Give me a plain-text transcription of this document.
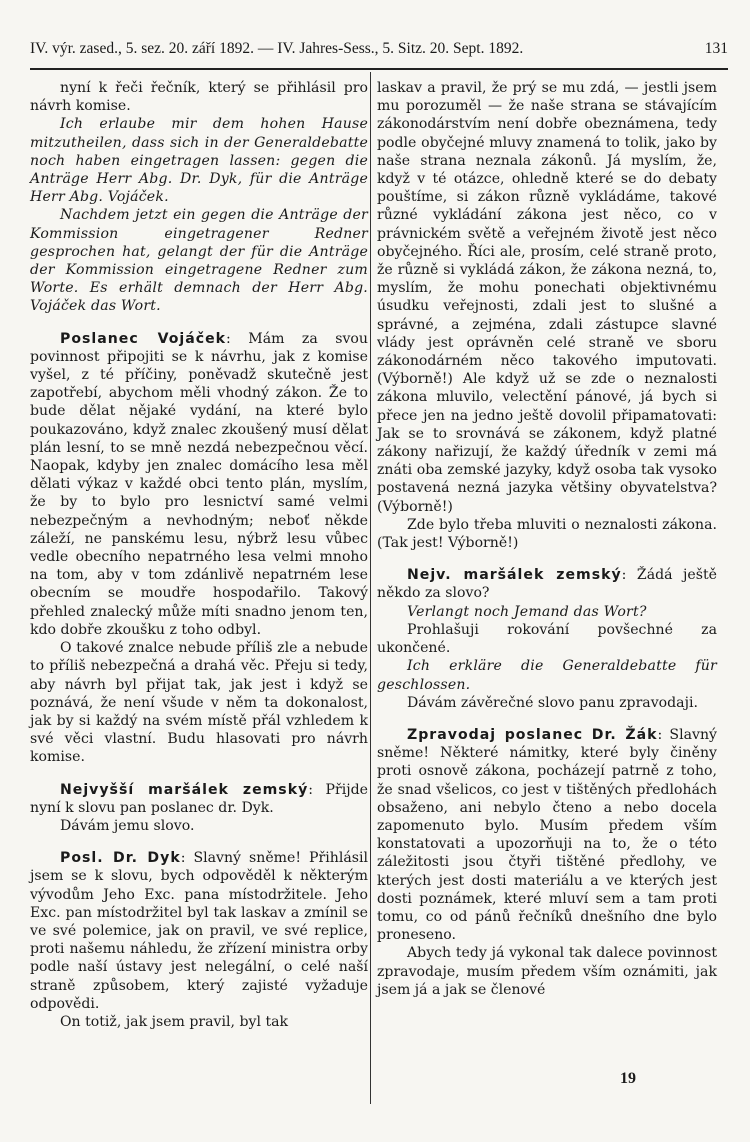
IV. výr. zased., 5. sez. 20. září 1892. — IV. Jahres-Sess., 5. Sitz. 20. Sept. 1892.	131

nyní k řeči řečník, který se přihlásil pro návrh komise.

Ich erlaube mir dem hohen Hause mitzutheilen, dass sich in der Generaldebatte noch haben eingetragen lassen: gegen die Anträge Herr Abg. Dr. Dyk, für die Anträge Herr Abg. Vojáček.

Nachdem jetzt ein gegen die Anträge der Kommission eingetragener Redner gesprochen hat, gelangt der für die Anträge der Kommission eingetragene Redner zum Worte. Es erhält demnach der Herr Abg. Vojáček das Wort.

Poslanec Vojáček: Mám za svou povinnost připojiti se k návrhu, jak z komise vyšel, z té příčiny, poněvadž skutečně jest zapotřebí, abychom měli vhodný zákon. Že to bude dělat nějaké vydání, na které bylo poukazováno, když znalec zkoušený musí dělat plán lesní, to se mně nezdá nebezpečnou věcí. Naopak, kdyby jen znalec domácího lesa měl dělati výkaz v každé obci tento plán, myslím, že by to bylo pro lesnictví samé velmi nebezpečným a nevhodným; neboť někde záleží, ne panskému lesu, nýbrž lesu vůbec vedle obecního nepatrného lesa velmi mnoho na tom, aby v tom zdánlivě nepatrném lese obecním se moudře hospodařilo. Takový přehled znalecký může míti snadno jenom ten, kdo dobře zkoušku z toho odbyl.

O takové znalce nebude příliš zle a nebude to příliš nebezpečná a drahá věc. Přeju si tedy, aby návrh byl přijat tak, jak jest i když se poznává, že není všude v něm ta dokonalost, jak by si každý na svém místě přál vzhledem k své věci vlastní. Budu hlasovati pro návrh komise.

Nejvyšší maršálek zemský: Přijde nyní k slovu pan poslanec dr. Dyk.

Dávám jemu slovo.

Posl. Dr. Dyk: Slavný sněme! Přihlásil jsem se k slovu, bych odpověděl k některým vývodům Jeho Exc. pana místodržitele. Jeho Exc. pan místodržitel byl tak laskav a zmínil se ve své polemice, jak on pravil, ve své replice, proti našemu náhledu, že zřízení ministra orby podle naší ústavy jest nelegální, o celé naší straně způsobem, který zajisté vyžaduje odpovědi.

On totiž, jak jsem pravil, byl tak

laskav a pravil, že prý se mu zdá, — jestli jsem mu porozuměl — že naše strana se stávajícím zákonodárstvím není dobře obeznámena, tedy podle obyčejné mluvy znamená to tolik, jako by naše strana neznala zákonů. Já myslím, že, když v té otázce, ohledně které se do debaty pouštíme, si zákon různě vykládáme, takové různé vykládání zákona jest něco, co v právnickém světě a veřejném životě jest něco obyčejného. Říci ale, prosím, celé straně proto, že různě si vykládá zákon, že zákona nezná, to, myslím, že mohu ponechati objektivnému úsudku veřejnosti, zdali jest to slušné a správné, a zejména, zdali zástupce slavné vlády jest oprávněn celé straně ve sboru zákonodárném něco takového imputovati. (Výborně!) Ale když už se zde o neznalosti zákona mluvilo, velectění pánové, já bych si přece jen na jedno ještě dovolil připamatovati: Jak se to srovnává se zákonem, když platné zákony nařizují, že každý úředník v zemi má znáti oba zemské jazyky, když osoba tak vysoko postavená nezná jazyka většiny obyvatelstva? (Výborně!)

Zde bylo třeba mluviti o neznalosti zákona. (Tak jest! Výborně!)

Nejv. maršálek zemský: Žádá ještě někdo za slovo?

Verlangt noch Jemand das Wort?

Prohlašuji rokování povšechné za ukončené.

Ich erkläre die Generaldebatte für geschlossen.

Dávám závěrečné slovo panu zpravodaji.

Zpravodaj poslanec Dr. Žák: Slavný sněme! Některé námitky, které byly činěny proti osnově zákona, pocházejí patrně z toho, že snad všelicos, co jest v tištěných předlohách obsaženo, ani nebylo čteno a nebo docela zapomenuto bylo. Musím předem vším konstatovati a upozorňuji na to, že o této záležitosti jsou čtyři tištěné předlohy, ve kterých jest dosti materiálu a ve kterých jest dosti poznámek, které mluví sem a tam proti tomu, co od pánů řečníků dnešního dne bylo proneseno.

Abych tedy já vykonal tak dalece povinnost zpravodaje, musím předem vším oznámiti, jak jsem já a jak se členové

19
